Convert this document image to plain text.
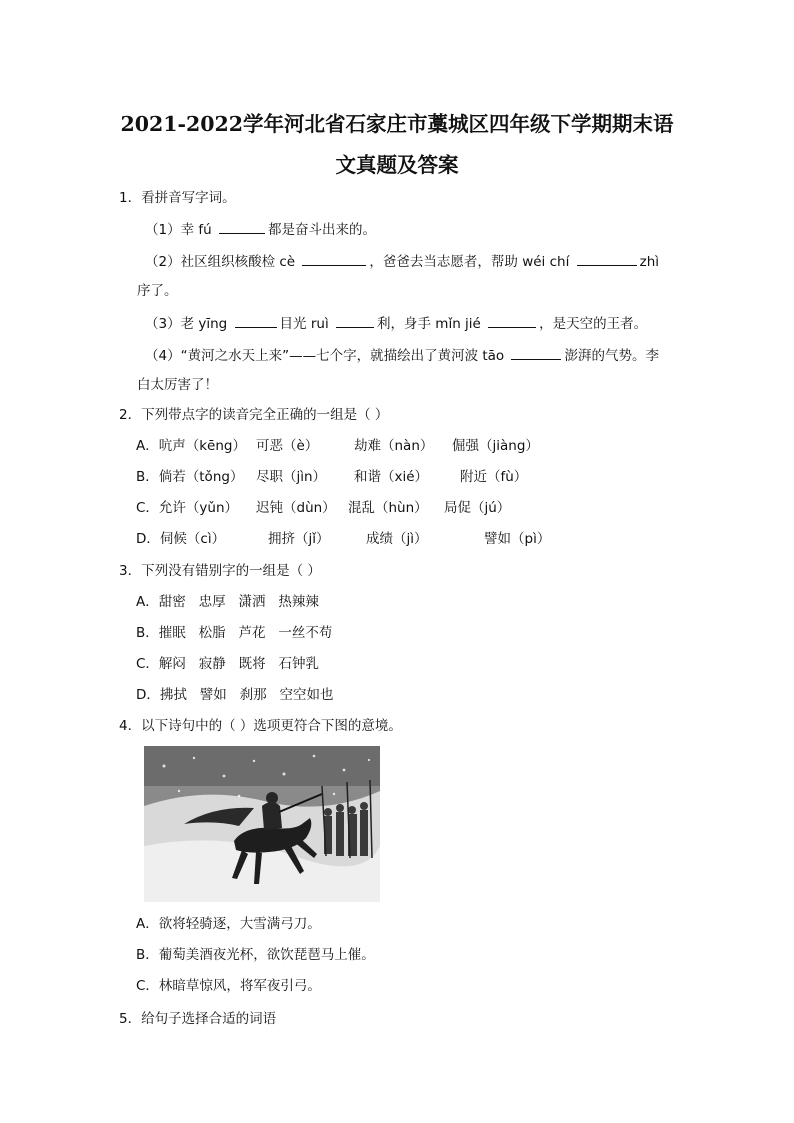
2021-2022学年河北省石家庄市藁城区四年级下学期期末语
文真题及答案
1．看拼音写字词。
（1）幸 fú	都是奋斗出来的。
（2）社区组织核酸检 cè	，爸爸去当志愿者，帮助 wéi chí	zhì
序了。
（3）老 yīng	目光 ruì	利，身手 mǐn jié	，是天空的王者。
（4）“黄河之水天上来”——七个字，就描绘出了黄河波 tāo	澎湃的气势。李
白太厉害了！
2．下列带点字的读音完全正确的一组是（ ）
A．吭声（kēng） 可恶（è）	劫难（nàn） 倔强（jiàng）
B．倘若（tǒng） 尽职（jìn） 和谐（xié） 附近（fù）
C．允许（yǔn） 迟钝（dùn） 混乱（hùn） 局促（jú）
D．伺候（cì）	拥挤（jǐ）	成绩（jì）	譬如（pì）
3．下列没有错别字的一组是（ ）
A．甜密   忠厚   潇洒   热辣辣
B．摧眠   松脂   芦花   一丝不苟
C．解闷   寂静   既将   石钟乳
D．拂拭   譬如   刹那   空空如也
4．以下诗句中的（ ）选项更符合下图的意境。
A．欲将轻骑逐，大雪满弓刀。
B．葡萄美酒夜光杯，欲饮琵琶马上催。
C．林暗草惊风，将军夜引弓。
5．给句子选择合适的词语
